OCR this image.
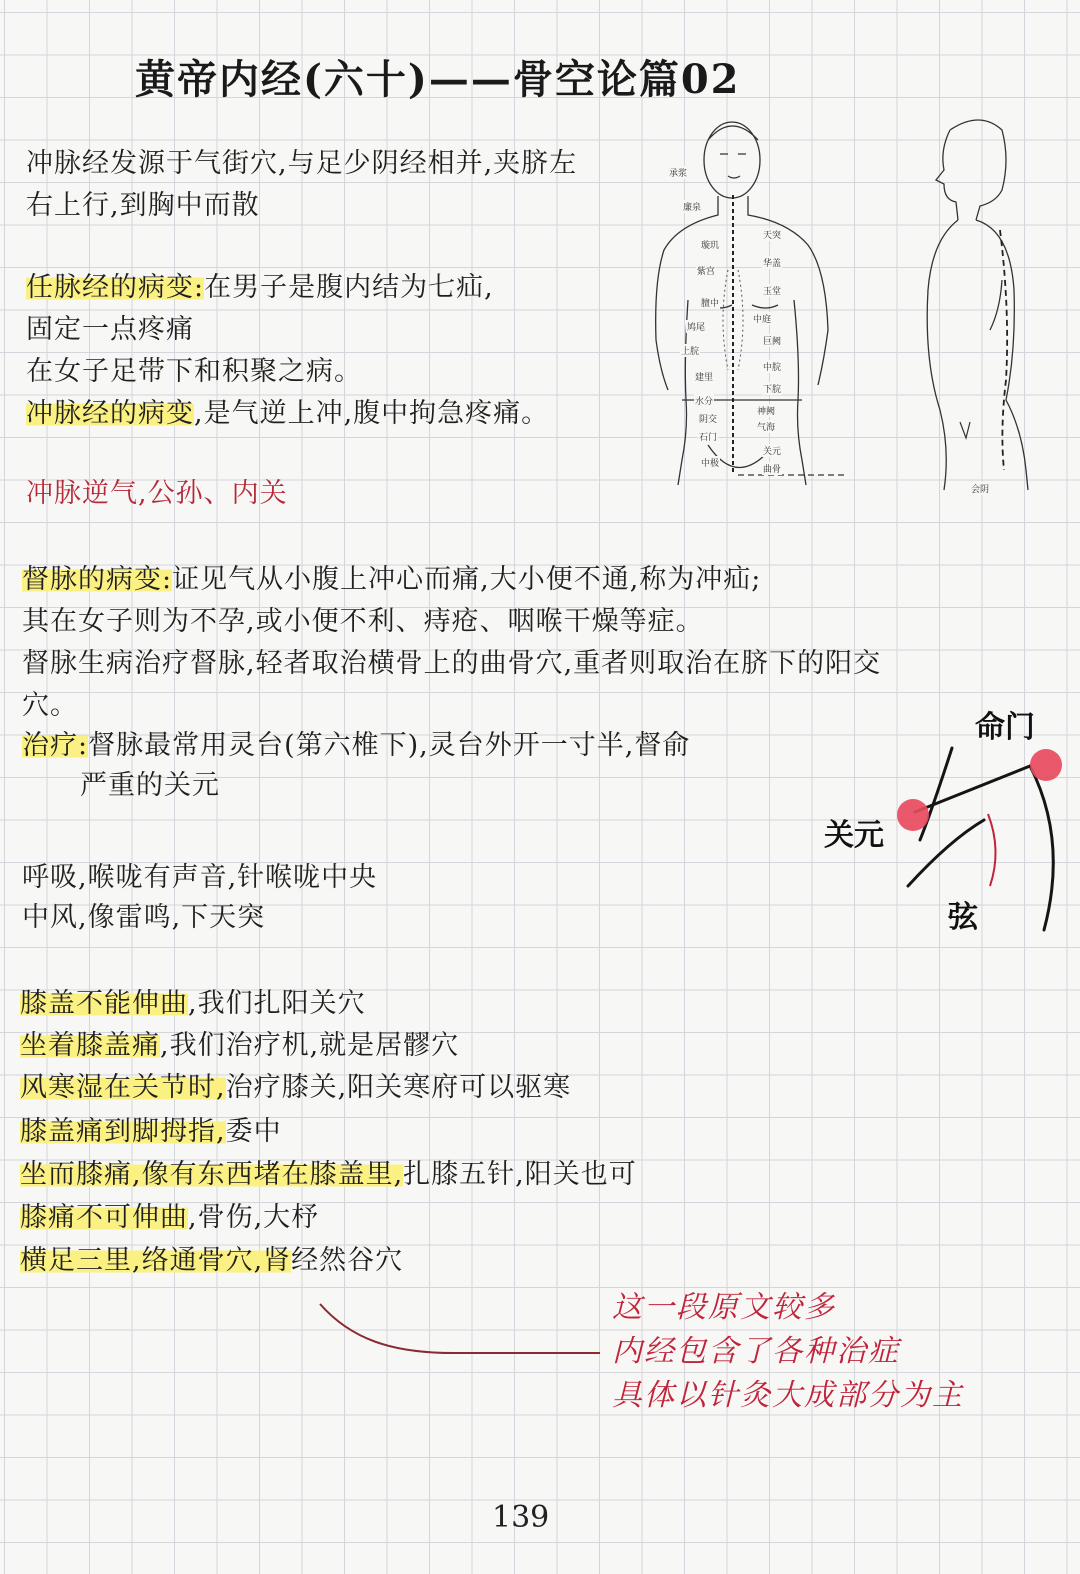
黄帝内经(六十)——骨空论篇02
冲脉经发源于气街穴,与足少阴经相并,夹脐左
右上行,到胸中而散
任脉经的病变:在男子是腹内结为七疝,
固定一点疼痛
在女子足带下和积聚之病。
冲脉经的病变,是气逆上冲,腹中拘急疼痛。
冲脉逆气,公孙、内关
督脉的病变:证见气从小腹上冲心而痛,大小便不通,称为冲疝;
其在女子则为不孕,或小便不利、痔疮、咽喉干燥等症。
督脉生病治疗督脉,轻者取治横骨上的曲骨穴,重者则取治在脐下的阳交
穴。
治疗:督脉最常用灵台(第六椎下),灵台外开一寸半,督俞
严重的关元
呼吸,喉咙有声音,针喉咙中央
中风,像雷鸣,下天突
膝盖不能伸曲,我们扎阳关穴
坐着膝盖痛,我们治疗机,就是居髎穴
风寒湿在关节时,治疗膝关,阳关寒府可以驱寒
膝盖痛到脚拇指,委中
坐而膝痛,像有东西堵在膝盖里,扎膝五针,阳关也可
膝痛不可伸曲,骨伤,大杼
横足三里,络通骨穴,肾经然谷穴
这一段原文较多
内经包含了各种治症
具体以针灸大成部分为主
139
承浆
廉泉
天突
璇玑
华盖
紫宫
玉堂
膻中
中庭
鸠尾
巨阙
上脘
中脘
建里
下脘
水分
神阙
阴交
气海
石门
关元
中极
曲骨
会阴
命门
关元
弦
